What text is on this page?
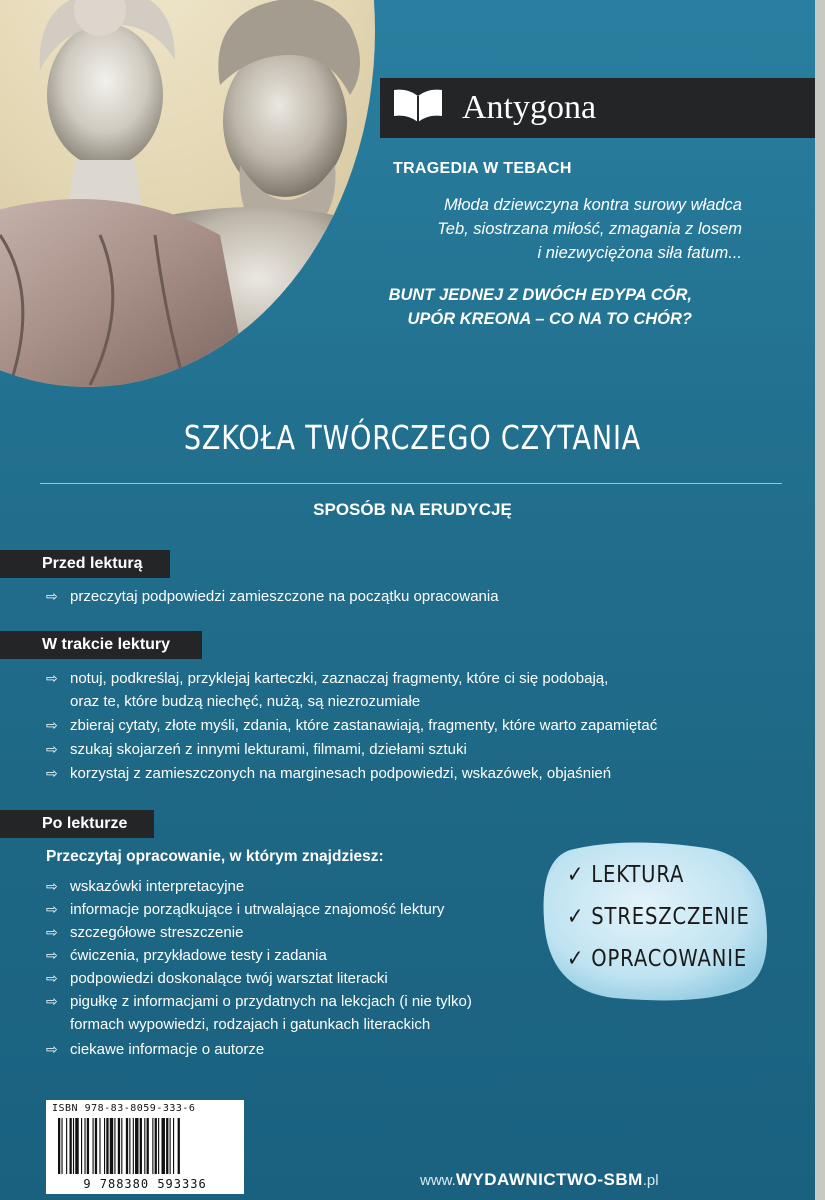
Antygona
TRAGEDIA W TEBACH
Młoda dziewczyna kontra surowy władca
Teb, siostrzana miłość, zmagania z losem
i niezwyciężona siła fatum...
BUNT JEDNEJ Z DWÓCH EDYPA CÓR,
UPÓR KREONA – CO NA TO CHÓR?
SZKOŁA TWÓRCZEGO CZYTANIA
SPOSÓB NA ERUDYCJĘ
Przed lekturą
⇨ przeczytaj podpowiedzi zamieszczone na początku opracowania
W trakcie lektury
⇨ notuj, podkreślaj, przyklejaj karteczki, zaznaczaj fragmenty, które ci się podobają,
oraz te, które budzą niechęć, nużą, są niezrozumiałe
⇨ zbieraj cytaty, złote myśli, zdania, które zastanawiają, fragmenty, które warto zapamiętać
⇨ szukaj skojarzeń z innymi lekturami, filmami, dziełami sztuki
⇨ korzystaj z zamieszczonych na marginesach podpowiedzi, wskazówek, objaśnień
Po lekturze
Przeczytaj opracowanie, w którym znajdziesz:
⇨ wskazówki interpretacyjne
⇨ informacje porządkujące i utrwalające znajomość lektury
⇨ szczegółowe streszczenie
⇨ ćwiczenia, przykładowe testy i zadania
⇨ podpowiedzi doskonalące twój warsztat literacki
⇨ pigułkę z informacjami o przydatnych na lekcjach (i nie tylko)
formach wypowiedzi, rodzajach i gatunkach literackich
⇨ ciekawe informacje o autorze
✓ LEKTURA
✓ STRESZCZENIE
✓ OPRACOWANIE
ISBN 978-83-8059-333-6
9 788380 593336	www.WYDAWNICTWO-SBM.pl
